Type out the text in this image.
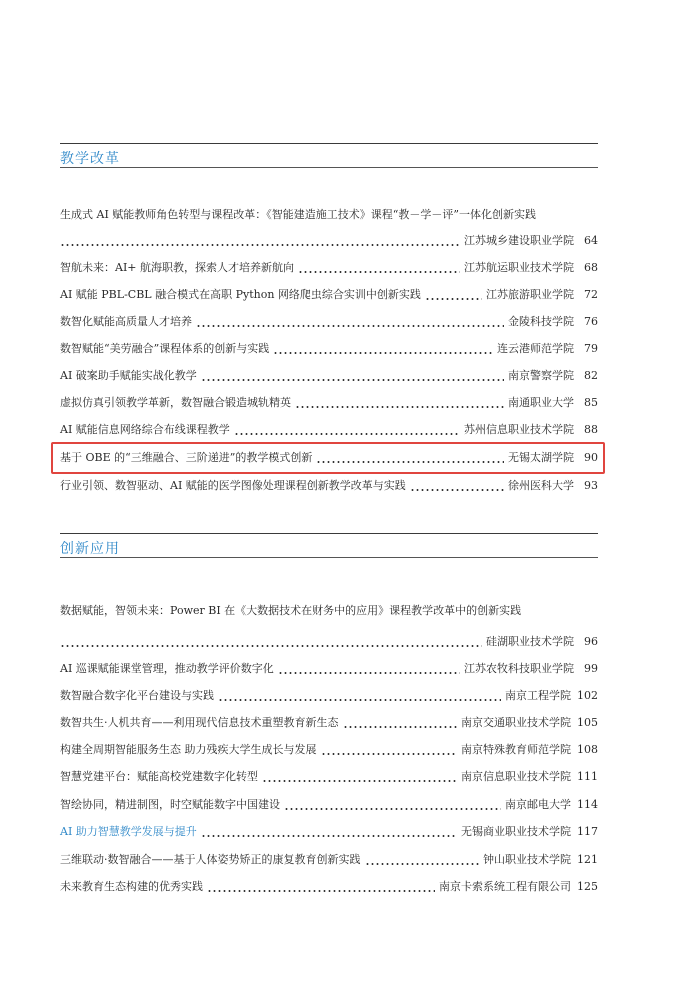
教学改革
生成式 AI 赋能教师角色转型与课程改革：《智能建造施工技术》课程“教－学－评”一体化创新实践
江苏城乡建设职业学院 64
智航未来：AI+ 航海职教，探索人才培养新航向	江苏航运职业技术学院 68
AI 赋能 PBL-CBL 融合模式在高职 Python 网络爬虫综合实训中创新实践	江苏旅游职业学院 72
数智化赋能高质量人才培养	金陵科技学院 76
数智赋能“美劳融合”课程体系的创新与实践	连云港师范学院 79
AI 破案助手赋能实战化教学	南京警察学院 82
虚拟仿真引领教学革新，数智融合锻造城轨精英	南通职业大学 85
AI 赋能信息网络综合布线课程教学	苏州信息职业技术学院 88
基于 OBE 的“三维融合、三阶递进”的教学模式创新	无锡太湖学院 90
行业引领、数智驱动、AI 赋能的医学图像处理课程创新教学改革与实践	徐州医科大学 93
创新应用
数据赋能，智领未来：Power BI 在《大数据技术在财务中的应用》课程教学改革中的创新实践
硅湖职业技术学院 96
AI 巡课赋能课堂管理，推动教学评价数字化	江苏农牧科技职业学院 99
数智融合数字化平台建设与实践	南京工程学院 102
数智共生·人机共育——利用现代信息技术重塑教育新生态	南京交通职业技术学院 105
构建全周期智能服务生态 助力残疾大学生成长与发展	南京特殊教育师范学院 108
智慧党建平台：赋能高校党建数字化转型	南京信息职业技术学院 111
智绘协同，精进制图，时空赋能数字中国建设	南京邮电大学 114
AI 助力智慧教学发展与提升	无锡商业职业技术学院 117
三维联动·数智融合——基于人体姿势矫正的康复教育创新实践	钟山职业技术学院 121
未来教育生态构建的优秀实践	南京卡索系统工程有限公司 125
